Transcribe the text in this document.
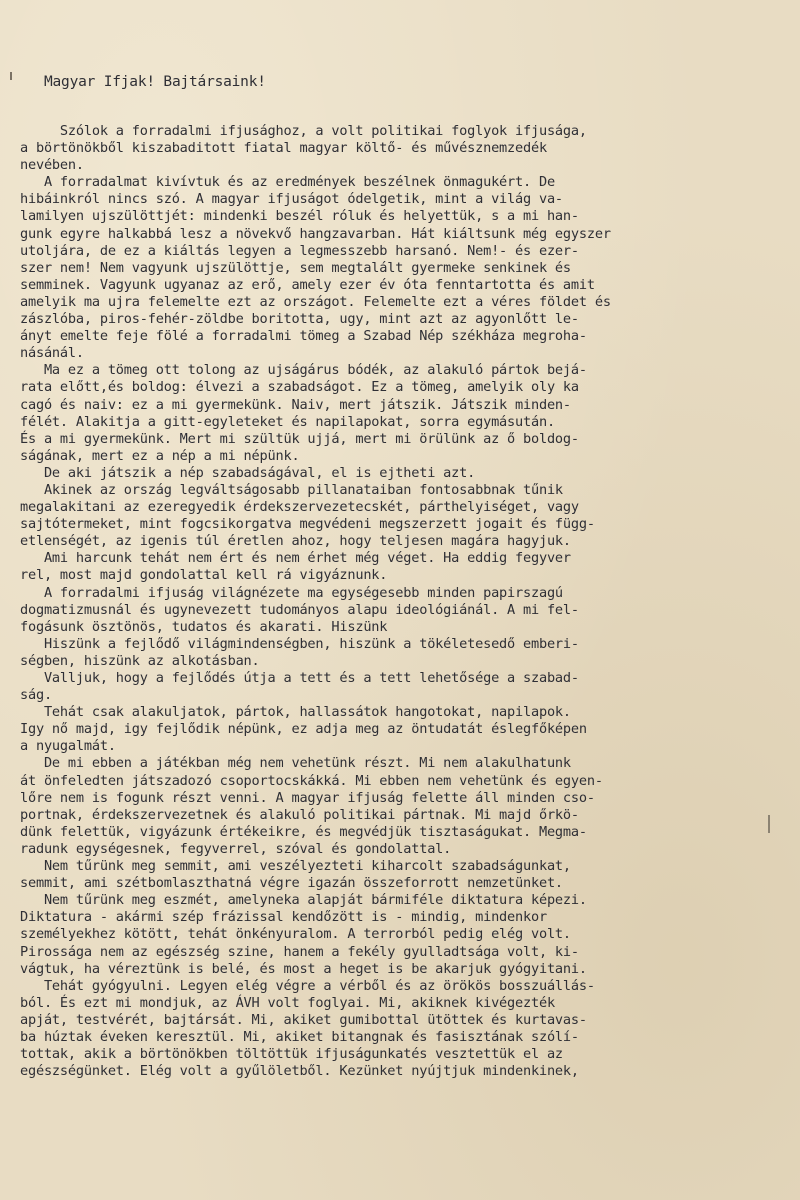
Magyar Ifjak! Bajtársaink!

Szólok a forradalmi ifjusághoz, a volt politikai foglyok ifjusága,
a börtönökből kiszabaditott fiatal magyar költő- és művésznemzedék
nevében.
A forradalmat kivívtuk és az eredmények beszélnek önmagukért. De
hibáinkról nincs szó. A magyar ifjuságot ódelgetik, mint a világ va-
lamilyen ujszülöttjét: mindenki beszél róluk és helyettük, s a mi han-
gunk egyre halkabbá lesz a növekvő hangzavarban. Hát kiáltsunk még egyszer
utoljára, de ez a kiáltás legyen a legmesszebb harsanó. Nem!- és ezer-
szer nem! Nem vagyunk ujszülöttje, sem megtalált gyermeke senkinek és
semminek. Vagyunk ugyanaz az erő, amely ezer év óta fenntartotta és amit
amelyik ma ujra felemelte ezt az országot. Felemelte ezt a véres földet és
zászlóba, piros-fehér-zöldbe boritotta, ugy, mint azt az agyonlőtt le-
ányt emelte feje fölé a forradalmi tömeg a Szabad Nép székháza megroha-
násánál.
Ma ez a tömeg ott tolong az ujságárus bódék, az alakuló pártok bejá-
rata előtt,és boldog: élvezi a szabadságot. Ez a tömeg, amelyik oly ka
cagó és naiv: ez a mi gyermekünk. Naiv, mert játszik. Játszik minden-
félét. Alakitja a gitt-egyleteket és napilapokat, sorra egymásután.
És a mi gyermekünk. Mert mi szültük ujjá, mert mi örülünk az ő boldog-
ságának, mert ez a nép a mi népünk.
De aki játszik a nép szabadságával, el is ejtheti azt.
Akinek az ország legváltságosabb pillanataiban fontosabbnak tűnik
megalakitani az ezeregyedik érdekszervezetecskét, párthelyiséget, vagy
sajtótermeket, mint fogcsikorgatva megvédeni megszerzett jogait és függ-
etlenségét, az igenis túl éretlen ahoz, hogy teljesen magára hagyjuk.
Ami harcunk tehát nem ért és nem érhet még véget. Ha eddig fegyver
rel, most majd gondolattal kell rá vigyáznunk.
A forradalmi ifjuság világnézete ma egységesebb minden papirszagú
dogmatizmusnál és ugynevezett tudományos alapu ideológiánál. A mi fel-
fogásunk ösztönös, tudatos és akarati. Hiszünk
Hiszünk a fejlődő világmindenségben, hiszünk a tökéletesedő emberi-
ségben, hiszünk az alkotásban.
Valljuk, hogy a fejlődés útja a tett és a tett lehetősége a szabad-
ság.
Tehát csak alakuljatok, pártok, hallassátok hangotokat, napilapok.
Igy nő majd, igy fejlődik népünk, ez adja meg az öntudatát éslegfőképen
a nyugalmát.
De mi ebben a játékban még nem vehetünk részt. Mi nem alakulhatunk
át önfeledten játszadozó csoportocskákká. Mi ebben nem vehetünk és egyen-
lőre nem is fogunk részt venni. A magyar ifjuság felette áll minden cso-
portnak, érdekszervezetnek és alakuló politikai pártnak. Mi majd őrkö-
dünk felettük, vigyázunk értékeikre, és megvédjük tisztaságukat. Megma-
radunk egységesnek, fegyverrel, szóval és gondolattal.
Nem tűrünk meg semmit, ami veszélyezteti kiharcolt szabadságunkat,
semmit, ami szétbomlaszthatná végre igazán összeforrott nemzetünket.
Nem tűrünk meg eszmét, amelyneka alapját bármiféle diktatura képezi.
Diktatura - akármi szép frázissal kendőzött is - mindig, mindenkor
személyekhez kötött, tehát önkényuralom. A terrorból pedig elég volt.
Pirossága nem az egészség szine, hanem a fekély gyulladtsága volt, ki-
vágtuk, ha véreztünk is belé, és most a heget is be akarjuk gyógyitani.
Tehát gyógyulni. Legyen elég végre a vérből és az örökös bosszuállás-
ból. És ezt mi mondjuk, az ÁVH volt foglyai. Mi, akiknek kivégezték
apját, testvérét, bajtársát. Mi, akiket gumibottal ütöttek és kurtavas-
ba húztak éveken keresztül. Mi, akiket bitangnak és fasisztának szólí-
tottak, akik a börtönökben töltöttük ifjuságunkatés vesztettük el az
egészségünket. Elég volt a gyűlöletből. Kezünket nyújtjuk mindenkinek,
